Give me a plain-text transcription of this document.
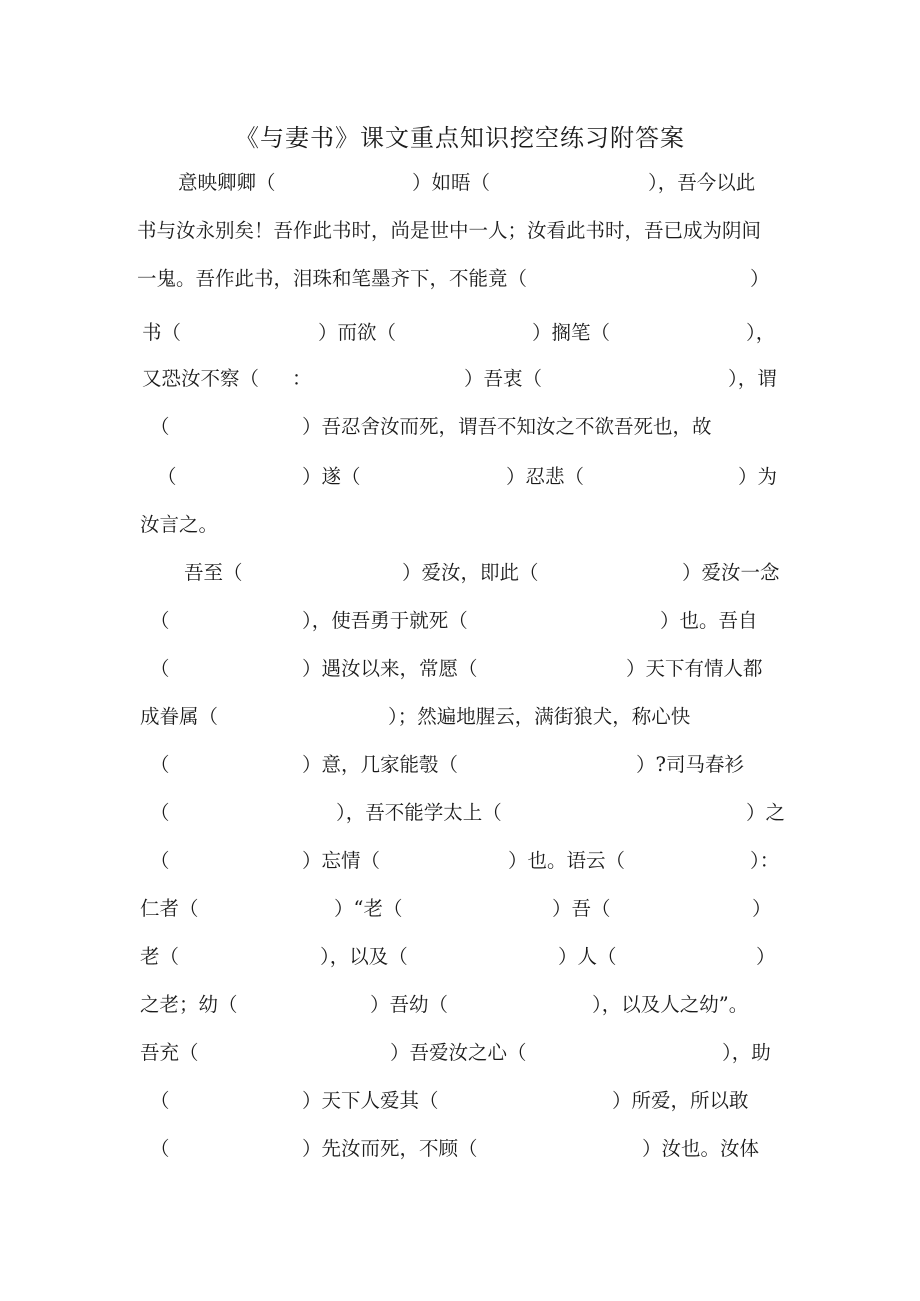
《与妻书》课文重点知识挖空练习附答案
意映卿卿（	）如晤（	），吾今以此
书与汝永别矣！吾作此书时，尚是世中一人；汝看此书时，吾已成为阴间
一鬼。吾作此书，泪珠和笔墨齐下，不能竟（	）
书（	）而欲（	）搁笔（	），
又恐汝不察（ ：	）吾衷（	），谓
（	）吾忍舍汝而死，谓吾不知汝之不欲吾死也，故
（	）遂（	）忍悲（	）为
汝言之。
吾至（	）爱汝，即此（	）爱汝一念
（	），使吾勇于就死（	）也。吾自
（	）遇汝以来，常愿（	）天下有情人都
成眷属（	）；然遍地腥云，满街狼犬，称心快
（	）意，几家能彀（	）?司马春衫
（	），吾不能学太上（	）之
（	）忘情（	）也。语云（	）：
仁者（	）“老（	）吾（	）
老（	），以及（	）人（	）
之老；幼（	）吾幼（	），以及人之幼”。
吾充（	）吾爱汝之心（	），助
（	）天下人爱其（	）所爱，所以敢
（	）先汝而死，不顾（	）汝也。汝体
